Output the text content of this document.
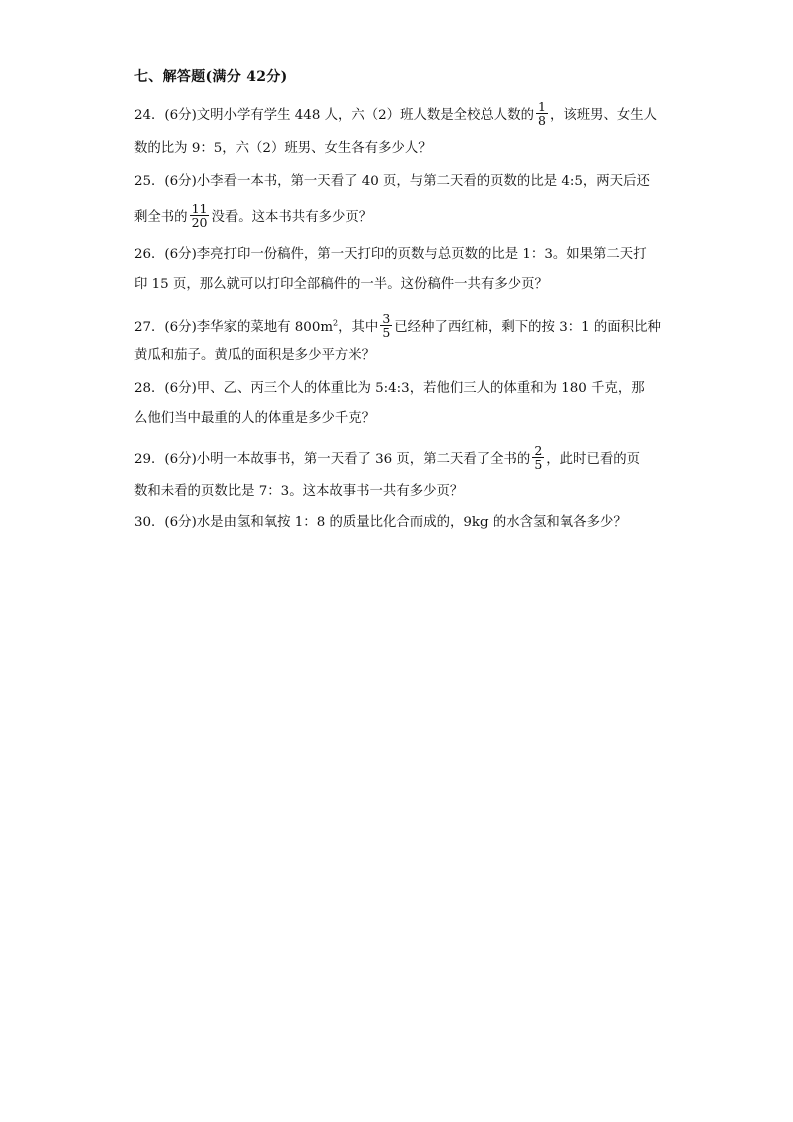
七、解答题(满分 42分)
24．(6分)文明小学有学生 448 人，六（2）班人数是全校总人数的 $\frac{1}{8}$ ，该班男、女生人
数的比为 9：5，六（2）班男、女生各有多少人？
25．(6分)小李看一本书，第一天看了 40 页，与第二天看的页数的比是 4:5，两天后还
剩全书的 $\frac{11}{20}$ 没看。这本书共有多少页？
26．(6分)李亮打印一份稿件，第一天打印的页数与总页数的比是 1：3。如果第二天打
印 15 页，那么就可以打印全部稿件的一半。这份稿件一共有多少页？
27．(6分)李华家的菜地有 $800m^2$，其中 $\frac{3}{5}$ 已经种了西红柿，剩下的按 3：1 的面积比种
黄瓜和茄子。黄瓜的面积是多少平方米？
28．(6分)甲、乙、丙三个人的体重比为 5:4:3，若他们三人的体重和为 180 千克，那
么他们当中最重的人的体重是多少千克？
29．(6分)小明一本故事书，第一天看了 36 页，第二天看了全书的 $\frac{2}{5}$ ，此时已看的页
数和未看的页数比是 7：3。这本故事书一共有多少页？
30．(6分)水是由氢和氧按 1：8 的质量比化合而成的，9kg 的水含氢和氧各多少？
